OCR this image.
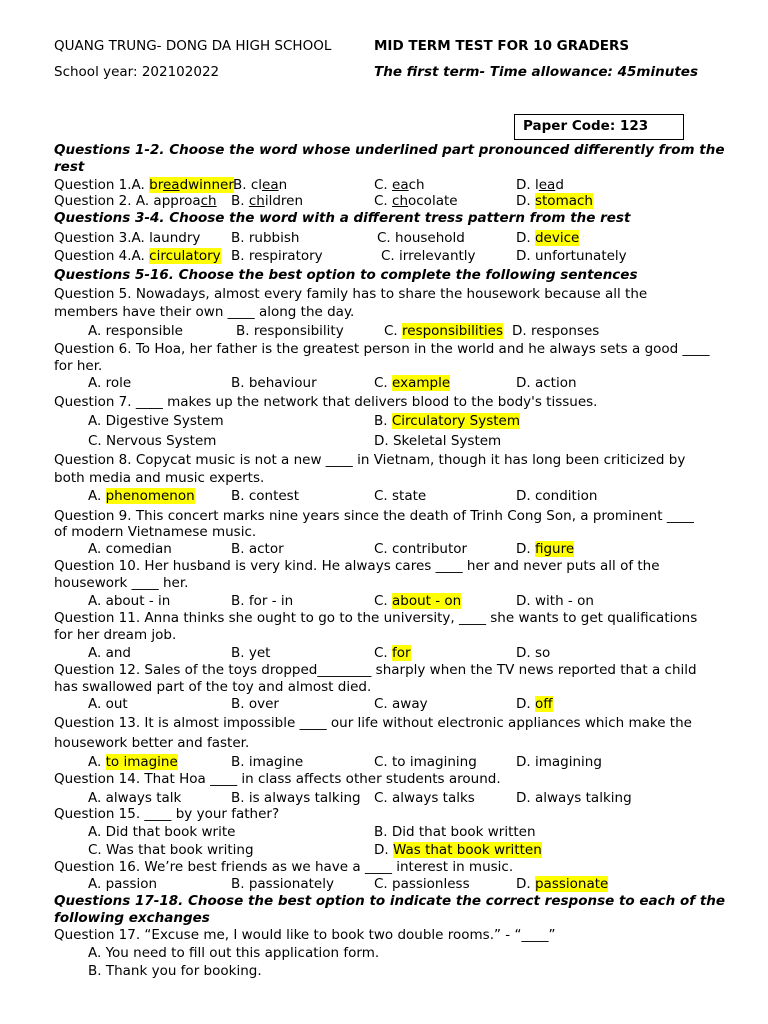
QUANG TRUNG- DONG DA HIGH SCHOOL	MID TERM TEST FOR 10 GRADERS
School year: 202102022	The first term- Time allowance: 45minutes
Paper Code: 123
Questions 1-2. Choose the word whose underlined part pronounced differently from the
rest
Question 1.A. breadwinner B. clean	C. each	D. lead
Question 2. A. approach B. children	C. chocolate	D. stomach
Questions 3-4. Choose the word with a different tress pattern from the rest
Question 3.A. laundry B. rubbish	C. household	D. device
Question 4.A. circulatory B. respiratory	C. irrelevantly	D. unfortunately
Questions 5-16. Choose the best option to complete the following sentences
Question 5. Nowadays, almost every family has to share the housework because all the
members have their own ____ along the day.
A. responsible	B. responsibility	C. responsibilities D. responses
Question 6. To Hoa, her father is the greatest person in the world and he always sets a good ____
for her.
A. role	B. behaviour	C. example	D. action
Question 7. ____ makes up the network that delivers blood to the body's tissues.
A. Digestive System	B. Circulatory System
C. Nervous System	D. Skeletal System
Question 8. Copycat music is not a new ____ in Vietnam, though it has long been criticized by
both media and music experts.
A. phenomenon	B. contest	C. state	D. condition
Question 9. This concert marks nine years since the death of Trinh Cong Son, a prominent ____
of modern Vietnamese music.
A. comedian	B. actor	C. contributor	D. figure
Question 10. Her husband is very kind. He always cares ____ her and never puts all of the
housework ____ her.
A. about - in	B. for - in	C. about - on	D. with - on
Question 11. Anna thinks she ought to go to the university, ____ she wants to get qualifications
for her dream job.
A. and	B. yet	C. for	D. so
Question 12. Sales of the toys dropped________ sharply when the TV news reported that a child
has swallowed part of the toy and almost died.
A. out	B. over	C. away	D. off
Question 13. It is almost impossible ____ our life without electronic appliances which make the
housework better and faster.
A. to imagine	B. imagine	C. to imagining	D. imagining
Question 14. That Hoa ____ in class affects other students around.
A. always talk	B. is always talking C. always talks	D. always talking
Question 15. ____ by your father?
A. Did that book write	B. Did that book written
C. Was that book writing	D. Was that book written
Question 16. We’re best friends as we have a ____ interest in music.
A. passion	B. passionately	C. passionless	D. passionate
Questions 17-18. Choose the best option to indicate the correct response to each of the
following exchanges
Question 17. “Excuse me, I would like to book two double rooms.” - “____”
A. You need to fill out this application form.
B. Thank you for booking.
